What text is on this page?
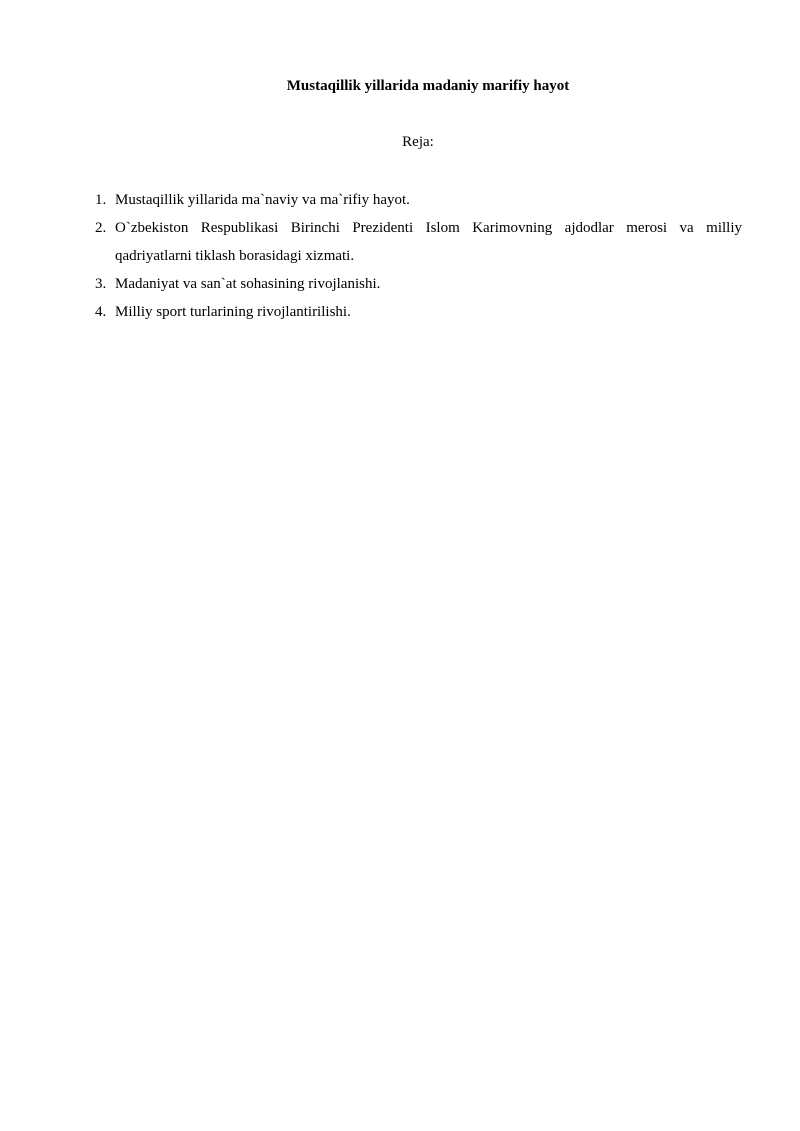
Mustaqillik yillarida madaniy marifiy hayot

Reja:

1. Mustaqillik yillarida ma`naviy va ma`rifiy hayot.
2. O`zbekiston Respublikasi Birinchi Prezidenti Islom Karimovning ajdodlar merosi va milliy qadriyatlarni tiklash borasidagi xizmati.
3. Madaniyat va san`at sohasining rivojlanishi.
4. Milliy sport turlarining rivojlantirilishi.
